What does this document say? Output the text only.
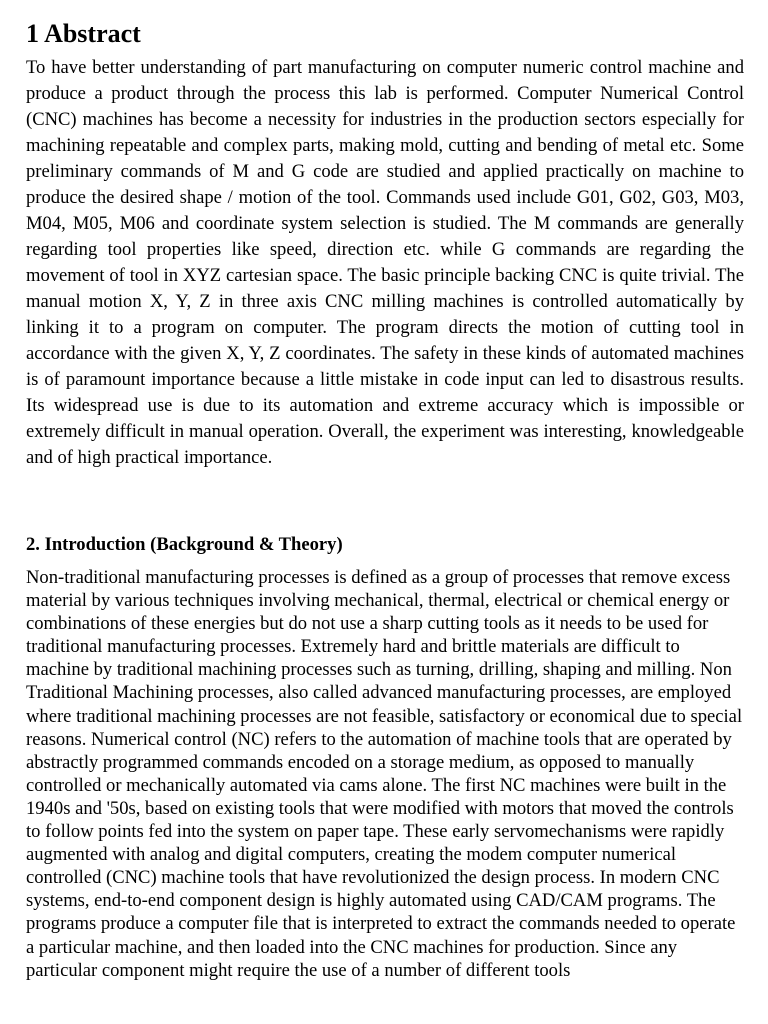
1 Abstract

To have better understanding of part manufacturing on computer numeric control machine and produce a product through the process this lab is performed. Computer Numerical Control (CNC) machines has become a necessity for industries in the production sectors especially for machining repeatable and complex parts, making mold, cutting and bending of metal etc. Some preliminary commands of M and G code are studied and applied practically on machine to produce the desired shape / motion of the tool. Commands used include G01, G02, G03, M03, M04, M05, M06 and coordinate system selection is studied. The M commands are generally regarding tool properties like speed, direction etc. while G commands are regarding the movement of tool in XYZ cartesian space. The basic principle backing CNC is quite trivial. The manual motion X, Y, Z in three axis CNC milling machines is controlled automatically by linking it to a program on computer. The program directs the motion of cutting tool in accordance with the given X, Y, Z coordinates. The safety in these kinds of automated machines is of paramount importance because a little mistake in code input can led to disastrous results. Its widespread use is due to its automation and extreme accuracy which is impossible or extremely difficult in manual operation. Overall, the experiment was interesting, knowledgeable and of high practical importance.

2. Introduction (Background & Theory)

Non-traditional manufacturing processes is defined as a group of processes that remove excess material by various techniques involving mechanical, thermal, electrical or chemical energy or combinations of these energies but do not use a sharp cutting tools as it needs to be used for traditional manufacturing processes. Extremely hard and brittle materials are difficult to machine by traditional machining processes such as turning, drilling, shaping and milling. Non Traditional Machining processes, also called advanced manufacturing processes, are employed where traditional machining processes are not feasible, satisfactory or economical due to special reasons. Numerical control (NC) refers to the automation of machine tools that are operated by abstractly programmed commands encoded on a storage medium, as opposed to manually controlled or mechanically automated via cams alone. The first NC machines were built in the 1940s and '50s, based on existing tools that were modified with motors that moved the controls to follow points fed into the system on paper tape. These early servomechanisms were rapidly augmented with analog and digital computers, creating the modem computer numerical controlled (CNC) machine tools that have revolutionized the design process. In modern CNC systems, end-to-end component design is highly automated using CAD/CAM programs. The programs produce a computer file that is interpreted to extract the commands needed to operate a particular machine, and then loaded into the CNC machines for production. Since any particular component might require the use of a number of different tools
